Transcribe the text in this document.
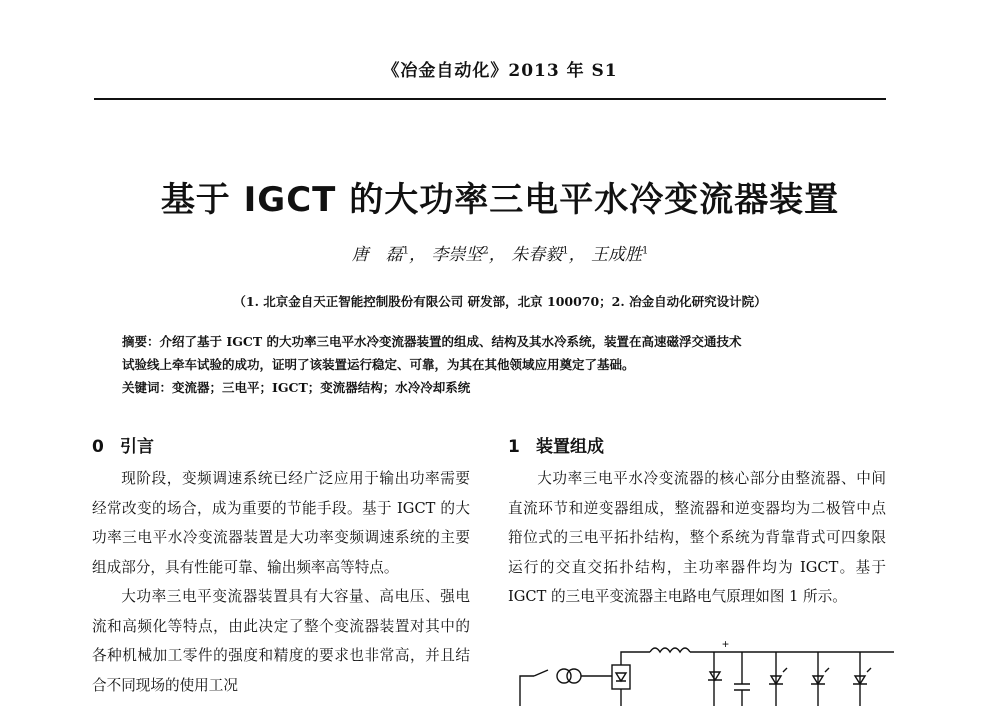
《冶金自动化》2013 年 S1
基于 IGCT 的大功率三电平水冷变流器装置
唐　磊$^1$， 李崇坚$^2$， 朱春毅$^1$， 王成胜$^1$
（1. 北京金自天正智能控制股份有限公司 研发部，北京 100070；2. 冶金自动化研究设计院）

摘要：介绍了基于 IGCT 的大功率三电平水冷变流器装置的组成、结构及其水冷系统，装置在高速磁浮交通技术

试验线上牵车试验的成功，证明了该装置运行稳定、可靠，为其在其他领域应用奠定了基础。

关键词：变流器；三电平；IGCT；变流器结构；水冷冷却系统

0 引言

现阶段，变频调速系统已经广泛应用于输出功率需要经常改变的场合，成为重要的节能手段。基于 IGCT 的大功率三电平水冷变流器装置是大功率变频调速系统的主要组成部分，具有性能可靠、输出频率高等特点。

大功率三电平变流器装置具有大容量、高电压、强电流和高频化等特点，由此决定了整个变流器装置对其中的各种机械加工零件的强度和精度的要求也非常高，并且结合不同现场的使用工况

1 装置组成

大功率三电平水冷变流器的核心部分由整流器、中间直流环节和逆变器组成，整流器和逆变器均为二极管中点箝位式的三电平拓扑结构，整个系统为背靠背式可四象限运行的交直交拓扑结构，主功率器件均为 IGCT。基于 IGCT 的三电平变流器主电路电气原理如图 1 所示。

+
